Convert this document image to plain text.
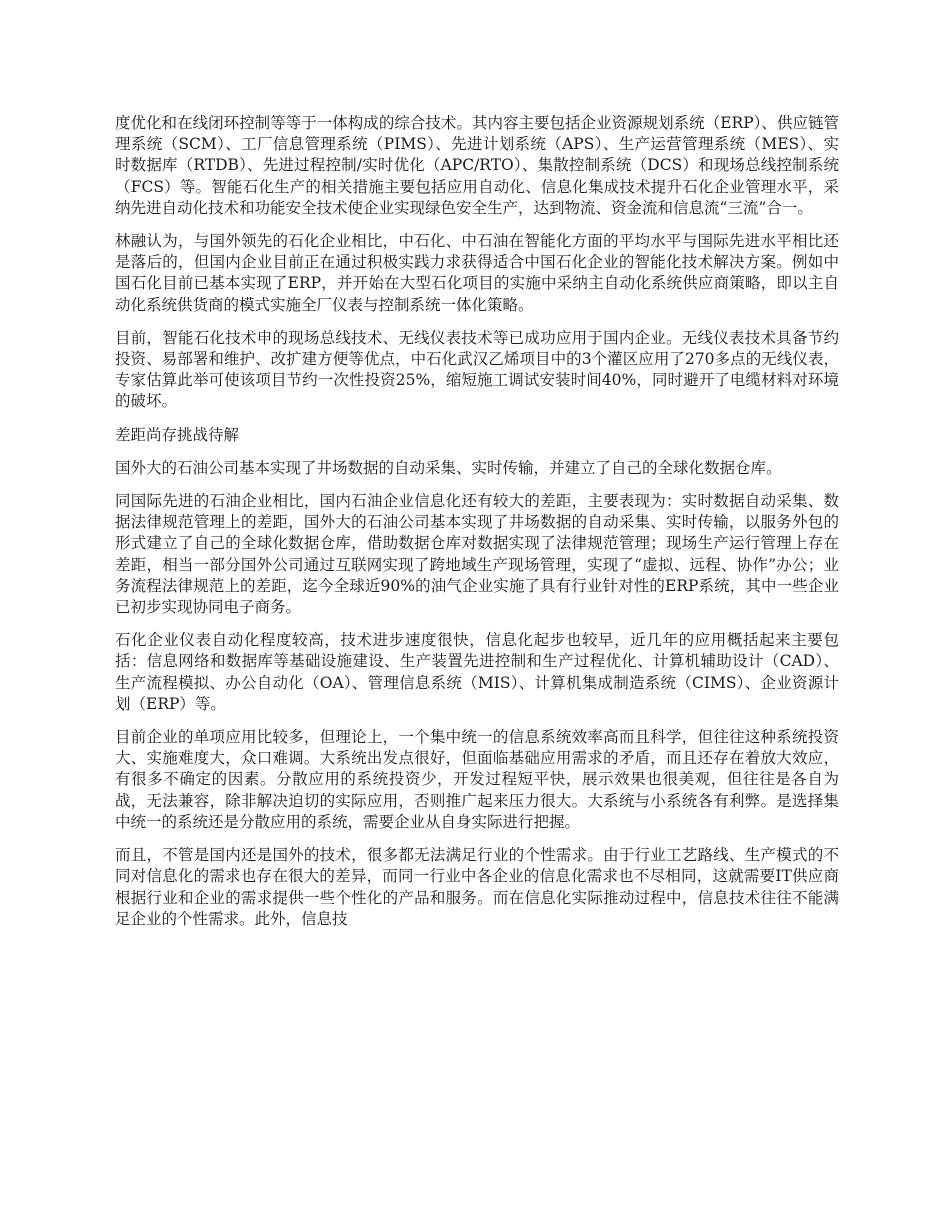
度优化和在线闭环控制等等于一体构成的综合技术。其内容主要包括企业资源规划系统（ERP）、供应链管理系统（SCM）、工厂信息管理系统（PIMS）、先进计划系统（APS）、生产运营管理系统（MES）、实时数据库（RTDB）、先进过程控制/实时优化（APC/RTO）、集散控制系统（DCS）和现场总线控制系统（FCS）等。智能石化生产的相关措施主要包括应用自动化、信息化集成技术提升石化企业管理水平，采纳先进自动化技术和功能安全技术使企业实现绿色安全生产，达到物流、资金流和信息流“三流”合一。

林融认为，与国外领先的石化企业相比，中石化、中石油在智能化方面的平均水平与国际先进水平相比还是落后的，但国内企业目前正在通过积极实践力求获得适合中国石化企业的智能化技术解决方案。例如中国石化目前已基本实现了ERP，并开始在大型石化项目的实施中采纳主自动化系统供应商策略，即以主自动化系统供货商的模式实施全厂仪表与控制系统一体化策略。

目前，智能石化技术申的现场总线技术、无线仪表技术等已成功应用于国内企业。无线仪表技术具备节约投资、易部署和维护、改扩建方便等优点，中石化武汉乙烯项目中的3个灌区应用了270多点的无线仪表，专家估算此举可使该项目节约一次性投资25%，缩短施工调试安装时间40%，同时避开了电缆材料对环境的破坏。

差距尚存挑战待解

国外大的石油公司基本实现了井场数据的自动采集、实时传输，并建立了自己的全球化数据仓库。

同国际先进的石油企业相比，国内石油企业信息化还有较大的差距，主要表现为：实时数据自动采集、数据法律规范管理上的差距，国外大的石油公司基本实现了井场数据的自动采集、实时传输，以服务外包的形式建立了自己的全球化数据仓库，借助数据仓库对数据实现了法律规范管理；现场生产运行管理上存在差距，相当一部分国外公司通过互联网实现了跨地域生产现场管理，实现了“虚拟、远程、协作”办公；业务流程法律规范上的差距，迄今全球近90%的油气企业实施了具有行业针对性的ERP系统，其中一些企业已初步实现协同电子商务。

石化企业仪表自动化程度较高，技术进步速度很快，信息化起步也较早，近几年的应用概括起来主要包括：信息网络和数据库等基础设施建设、生产装置先进控制和生产过程优化、计算机辅助设计（CAD）、生产流程模拟、办公自动化（OA）、管理信息系统（MIS）、计算机集成制造系统（CIMS）、企业资源计划（ERP）等。

目前企业的单项应用比较多，但理论上，一个集中统一的信息系统效率高而且科学，但往往这种系统投资大、实施难度大，众口难调。大系统出发点很好，但面临基础应用需求的矛盾，而且还存在着放大效应，有很多不确定的因素。分散应用的系统投资少，开发过程短平快，展示效果也很美观，但往往是各自为战，无法兼容，除非解决迫切的实际应用，否则推广起来压力很大。大系统与小系统各有利弊。是选择集中统一的系统还是分散应用的系统，需要企业从自身实际进行把握。

而且，不管是国内还是国外的技术，很多都无法满足行业的个性需求。由于行业工艺路线、生产模式的不同对信息化的需求也存在很大的差异，而同一行业中各企业的信息化需求也不尽相同，这就需要IT供应商根据行业和企业的需求提供一些个性化的产品和服务。而在信息化实际推动过程中，信息技术往往不能满足企业的个性需求。此外，信息技
